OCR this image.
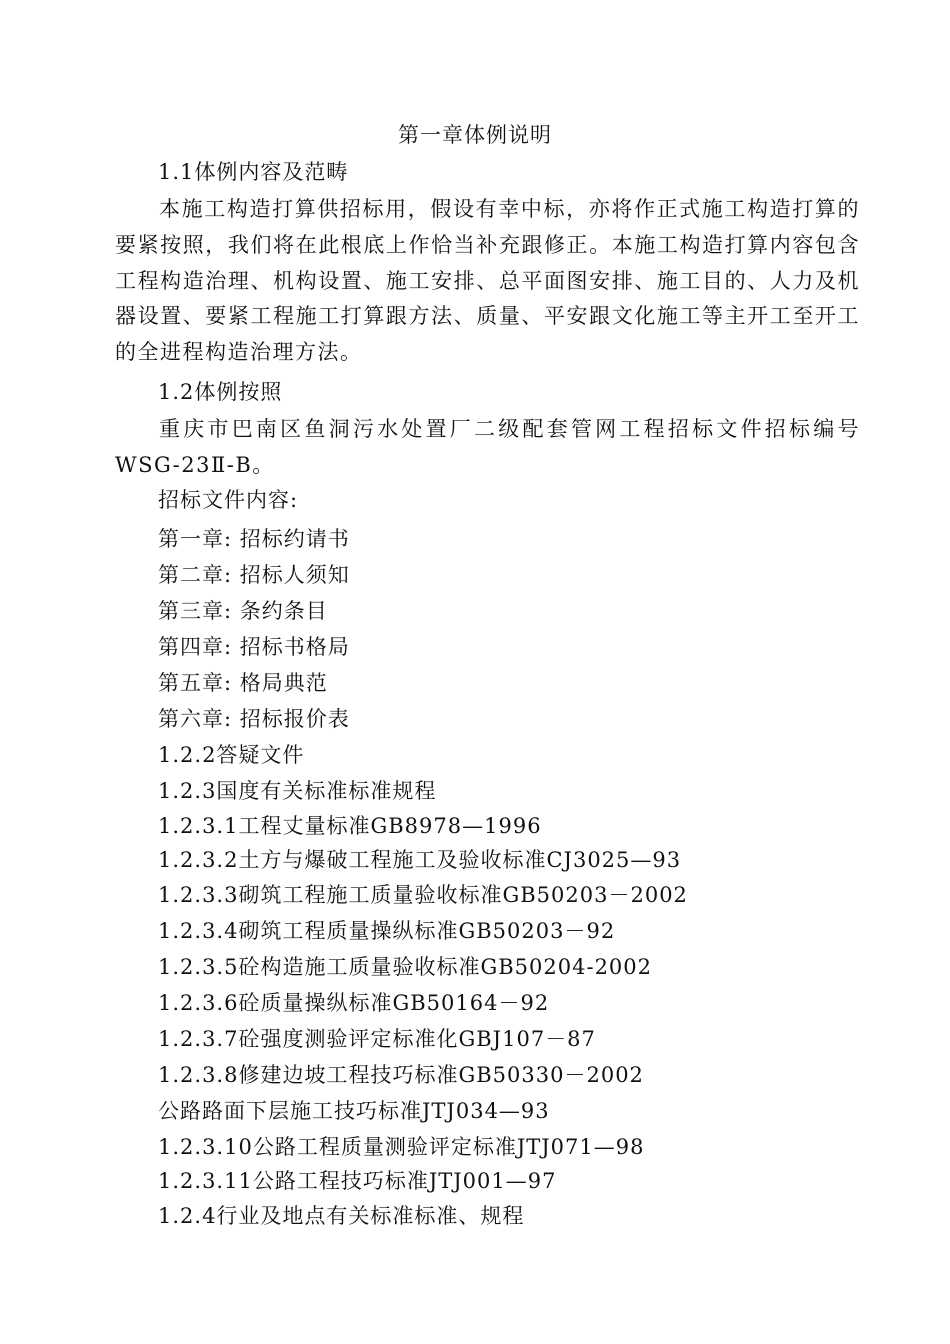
第一章体例说明
1.1体例内容及范畴
本施工构造打算供招标用，假设有幸中标，亦将作正式施工构造打算的要紧按照，我们将在此根底上作恰当补充跟修正。本施工构造打算内容包含工程构造治理、机构设置、施工安排、总平面图安排、施工目的、人力及机器设置、要紧工程施工打算跟方法、质量、平安跟文化施工等主开工至开工的全进程构造治理方法。
1.2体例按照
重庆市巴南区鱼洞污水处置厂二级配套管网工程招标文件招标编号WSG-23Ⅱ-B。
招标文件内容:
第一章: 招标约请书
第二章: 招标人须知
第三章: 条约条目
第四章: 招标书格局
第五章: 格局典范
第六章: 招标报价表
1.2.2答疑文件
1.2.3国度有关标准标准规程
1.2.3.1工程丈量标准GB8978—1996
1.2.3.2土方与爆破工程施工及验收标准CJ3025—93
1.2.3.3砌筑工程施工质量验收标准GB50203－2002
1.2.3.4砌筑工程质量操纵标准GB50203－92
1.2.3.5砼构造施工质量验收标准GB50204-2002
1.2.3.6砼质量操纵标准GB50164－92
1.2.3.7砼强度测验评定标准化GBJ107－87
1.2.3.8修建边坡工程技巧标准GB50330－2002
公路路面下层施工技巧标准JTJ034—93
1.2.3.10公路工程质量测验评定标准JTJ071—98
1.2.3.11公路工程技巧标准JTJ001—97
1.2.4行业及地点有关标准标准、规程
